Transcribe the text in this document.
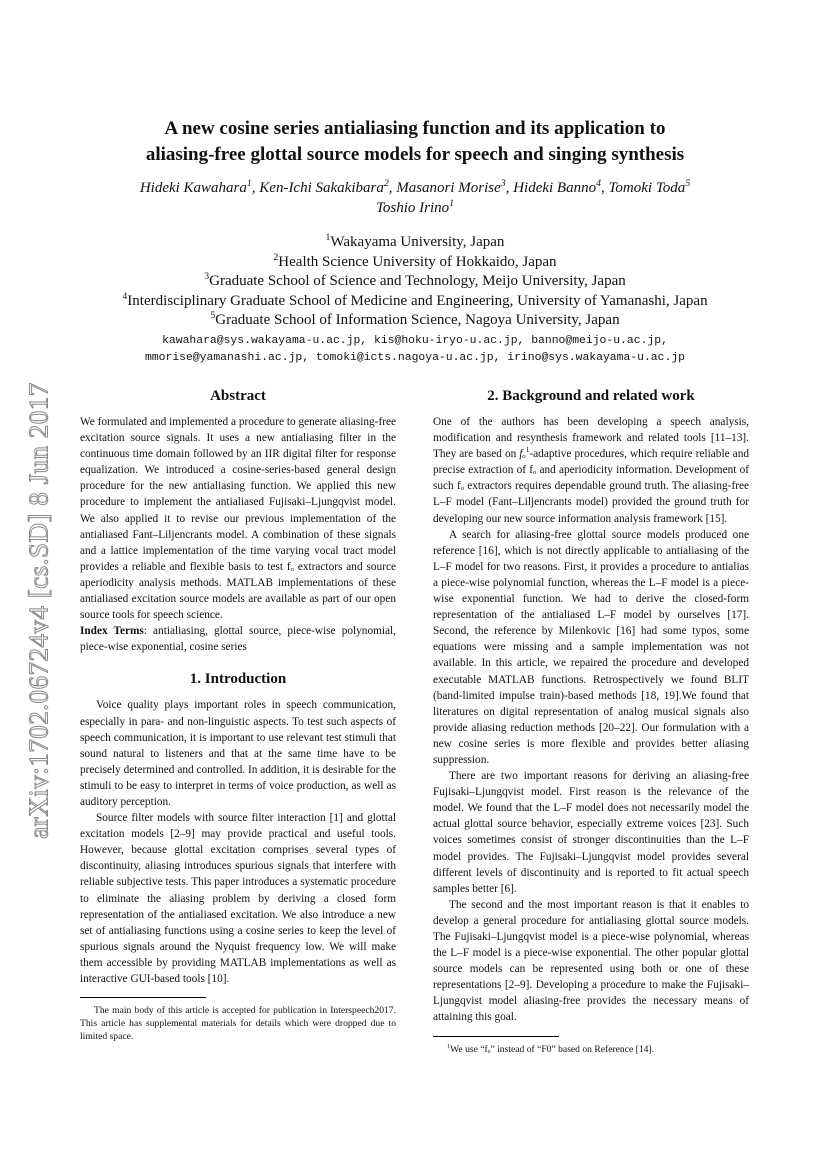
arXiv:1702.06724v4 [cs.SD] 8 Jun 2017
A new cosine series antialiasing function and its application to
aliasing-free glottal source models for speech and singing synthesis
Hideki Kawahara$^1$, Ken-Ichi Sakakibara$^2$, Masanori Morise$^3$, Hideki Banno$^4$, Tomoki Toda$^5$
Toshio Irino$^1$
$^1$Wakayama University, Japan
$^2$Health Science University of Hokkaido, Japan
$^3$Graduate School of Science and Technology, Meijo University, Japan
$^4$Interdisciplinary Graduate School of Medicine and Engineering, University of Yamanashi, Japan
$^5$Graduate School of Information Science, Nagoya University, Japan
kawahara@sys.wakayama-u.ac.jp, kis@hoku-iryo-u.ac.jp, banno@meijo-u.ac.jp,
mmorise@yamanashi.ac.jp, tomoki@icts.nagoya-u.ac.jp, irino@sys.wakayama-u.ac.jp
Abstract

We formulated and implemented a procedure to generate aliasing-free excitation source signals. It uses a new antialiasing filter in the continuous time domain followed by an IIR digital filter for response equalization. We introduced a cosine-series-based general design procedure for the new antialiasing function. We applied this new procedure to implement the antialiased Fujisaki–Ljungqvist model. We also applied it to revise our previous implementation of the antialiased Fant–Liljencrants model. A combination of these signals and a lattice implementation of the time varying vocal tract model provides a reliable and flexible basis to test fₒ extractors and source aperiodicity analysis methods. MATLAB implementations of these antialiased excitation source models are available as part of our open source tools for speech science.

Index Terms: antialiasing, glottal source, piece-wise polynomial, piece-wise exponential, cosine series

1. Introduction

Voice quality plays important roles in speech communication, especially in para- and non-linguistic aspects. To test such aspects of speech communication, it is important to use relevant test stimuli that sound natural to listeners and that at the same time have to be precisely determined and controlled. In addition, it is desirable for the stimuli to be easy to interpret in terms of voice production, as well as auditory perception.

Source filter models with source filter interaction [1] and glottal excitation models [2–9] may provide practical and useful tools. However, because glottal excitation comprises several types of discontinuity, aliasing introduces spurious signals that interfere with reliable subjective tests. This paper introduces a systematic procedure to eliminate the aliasing problem by deriving a closed form representation of the antialiased excitation. We also introduce a new set of antialiasing functions using a cosine series to keep the level of spurious signals around the Nyquist frequency low. We will make them accessible by providing MATLAB implementations as well as interactive GUI-based tools [10].

The main body of this article is accepted for publication in Interspeech2017. This article has supplemental materials for details which were dropped due to limited space.

2. Background and related work

One of the authors has been developing a speech analysis, modification and resynthesis framework and related tools [11–13]. They are based on fₒ$^1$-adaptive procedures, which require reliable and precise extraction of fₒ and aperiodicity information. Development of such fₒ extractors requires dependable ground truth. The aliasing-free L–F model (Fant–Liljencrants model) provided the ground truth for developing our new source information analysis framework [15].

A search for aliasing-free glottal source models produced one reference [16], which is not directly applicable to antialiasing of the L–F model for two reasons. First, it provides a procedure to antialias a piece-wise polynomial function, whereas the L–F model is a piece-wise exponential function. We had to derive the closed-form representation of the antialiased L–F model by ourselves [17]. Second, the reference by Milenkovic [16] had some typos, some equations were missing and a sample implementation was not available. In this article, we repaired the procedure and developed executable MATLAB functions. Retrospectively we found BLIT (band-limited impulse train)-based methods [18, 19].We found that literatures on digital representation of analog musical signals also provide aliasing reduction methods [20–22]. Our formulation with a new cosine series is more flexible and provides better aliasing suppression.

There are two important reasons for deriving an aliasing-free Fujisaki–Ljungqvist model. First reason is the relevance of the model. We found that the L–F model does not necessarily model the actual glottal source behavior, especially extreme voices [23]. Such voices sometimes consist of stronger discontinuities than the L–F model provides. The Fujisaki–Ljungqvist model provides several different levels of discontinuity and is reported to fit actual speech samples better [6].

The second and the most important reason is that it enables to develop a general procedure for antialiasing glottal source models. The Fujisaki–Ljungqvist model is a piece-wise polynomial, whereas the L–F model is a piece-wise exponential. The other popular glottal source models can be represented using both or one of these representations [2–9]. Developing a procedure to make the Fujisaki–Ljungqvist model aliasing-free provides the necessary means of attaining this goal.

$^1$We use “fₒ” instead of “F0” based on Reference [14].
